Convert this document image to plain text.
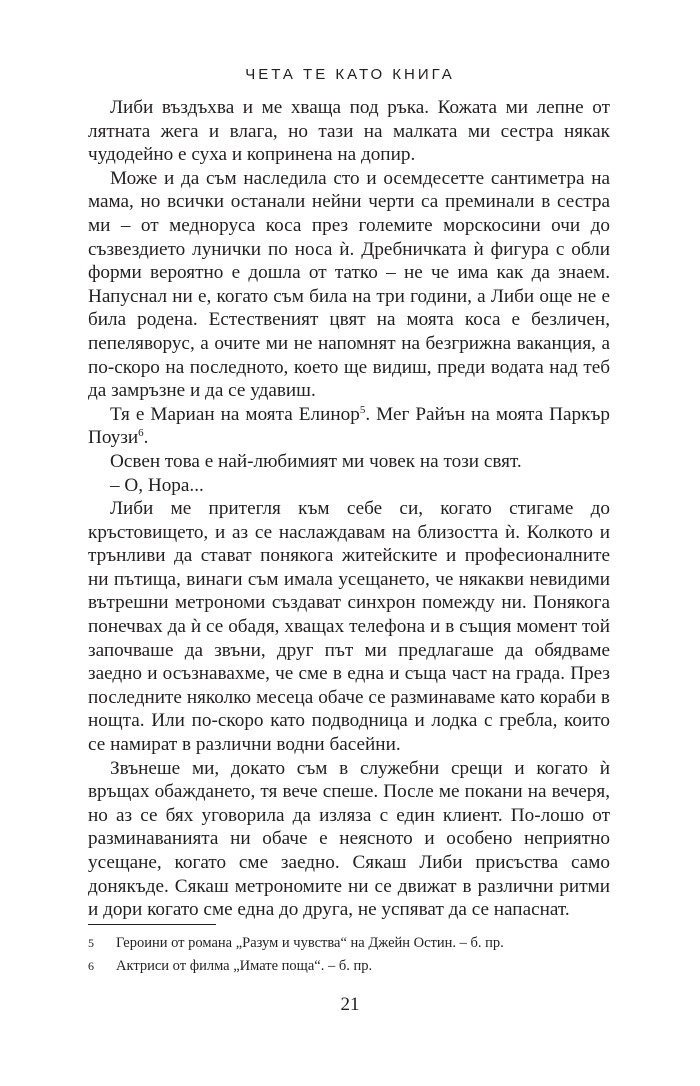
ЧЕТА ТЕ КАТО КНИГА

Либи въздъхва и ме хваща под ръка. Кожата ми лепне от лятната жега и влага, но тази на малката ми сестра някак чудодейно е суха и копринена на допир.

Може и да съм наследила сто и осемдесетте сантиметра на мама, но всички останали нейни черти са преминали в сестра ми – от медноруса коса през големите морскосини очи до съзвездието лунички по носа ѝ. Дребничката ѝ фигура с обли форми вероятно е дошла от татко – не че има как да знаем. Напуснал ни е, когато съм била на три години, а Либи още не е била родена. Естественият цвят на моята коса е безличен, пепеляворус, а очите ми не напомнят на безгрижна ваканция, а по-скоро на последното, което ще видиш, преди водата над теб да замръзне и да се удавиш.

Тя е Мариан на моята Елинор$^5$. Мег Райън на моята Паркър Поузи$^6$.

Освен това е най-любимият ми човек на този свят.

– О, Нора...

Либи ме притегля към себе си, когато стигаме до кръстовището, и аз се наслаждавам на близостта ѝ. Колкото и трънливи да стават понякога житейските и професионалните ни пътища, винаги съм имала усещането, че някакви невидими вътрешни метрономи създават синхрон помежду ни. Понякога понечвах да ѝ се обадя, хващах телефона и в същия момент той започваше да звъни, друг път ми предлагаше да обядваме заедно и осъзнавахме, че сме в една и съща част на града. През последните няколко месеца обаче се разминаваме като кораби в нощта. Или по-скоро като подводница и лодка с гребла, които се намират в различни водни басейни.

Звънеше ми, докато съм в служебни срещи и когато ѝ връщах обаждането, тя вече спеше. После ме покани на вечеря, но аз се бях уговорила да изляза с един клиент. По-лошо от разминаванията ни обаче е неясното и особено неприятно усещане, когато сме заедно. Сякаш Либи присъства само донякъде. Сякаш метрономите ни се движат в различни ритми и дори когато сме една до друга, не успяват да се напаснат.

5	Героини от романа „Разум и чувства“ на Джейн Остин. – б. пр.
6	Актриси от филма „Имате поща“. – б. пр.
21
